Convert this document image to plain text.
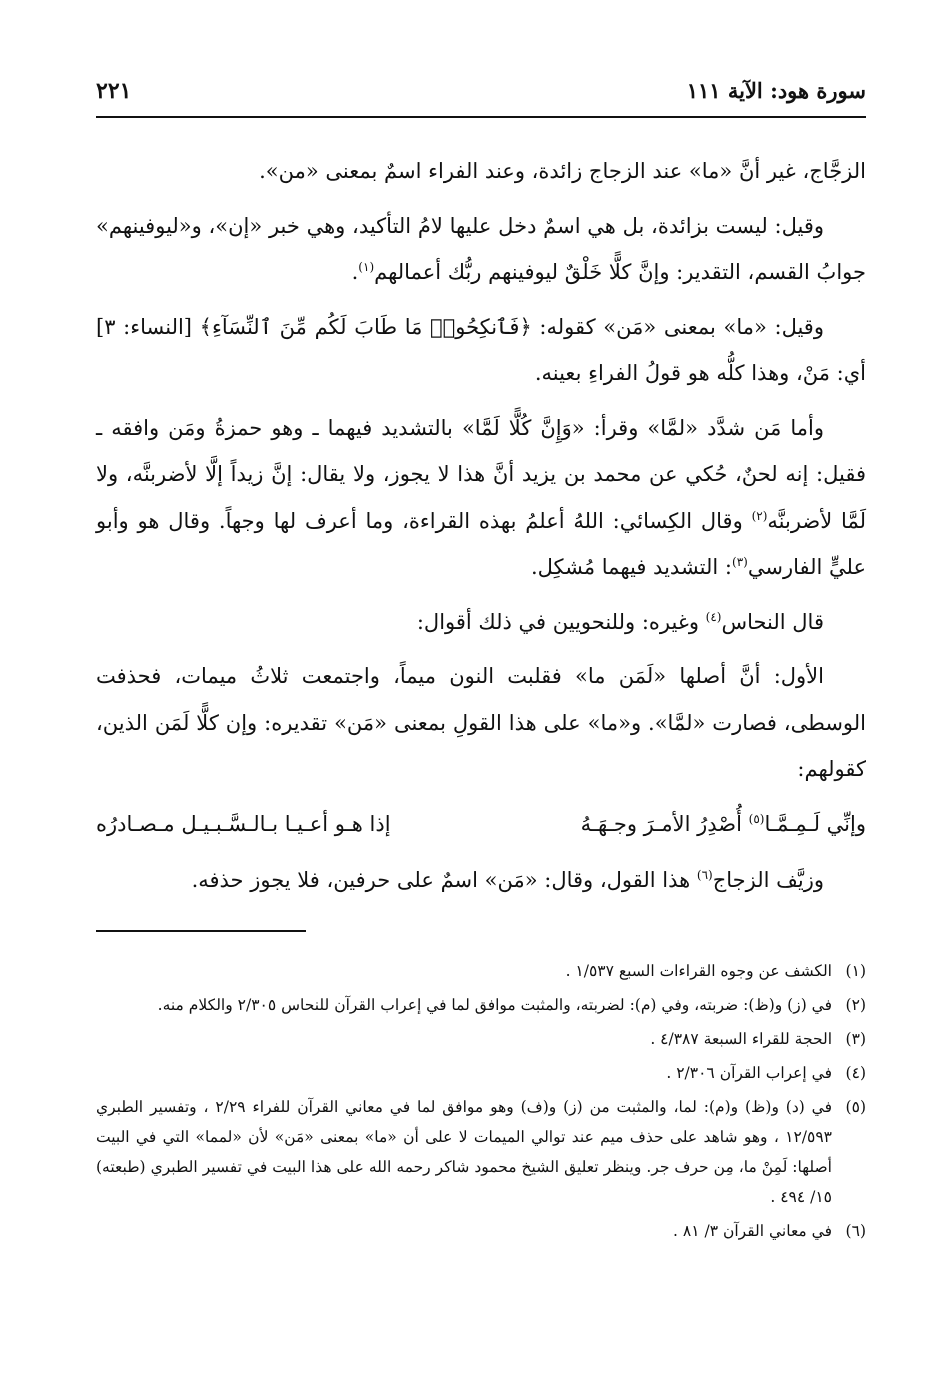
سورة هود: الآية ١١١
٢٢١

الزجَّاج، غير أنَّ «ما» عند الزجاج زائدة، وعند الفراء اسمٌ بمعنى «من».

وقيل: ليست بزائدة، بل هي اسمٌ دخل عليها لامُ التأكيد، وهي خبر «إن»، و«ليوفينهم» جوابُ القسم، التقدير: وإنَّ كلًّا خَلْقٌ ليوفينهم ربُّك أعمالهم$^{(١)}$.

وقيل: «ما» بمعنى «مَن» كقوله: ﴿فَٱنكِحُوا۟ مَا طَابَ لَكُم مِّنَ ٱلنِّسَآءِ﴾ [النساء: ٣] أي: مَنْ، وهذا كلُّه هو قولُ الفراءِ بعينه.

وأما مَن شدَّد «لمَّا» وقرأ: «وَإِنَّ كُلًّا لَمَّا» بالتشديد فيهما ـ وهو حمزةُ ومَن وافقه ـ فقيل: إنه لحنٌ، حُكي عن محمد بن يزيد أنَّ هذا لا يجوز، ولا يقال: إنَّ زيداً إلَّا لأضربنَّه، ولا لَمَّا لأضربنَّه$^{(٢)}$ وقال الكِسائي: اللهُ أعلمُ بهذه القراءة، وما أعرف لها وجهاً. وقال هو وأبو عليٍّ الفارسي$^{(٣)}$: التشديد فيهما مُشكِل.

قال النحاس$^{(٤)}$ وغيره: وللنحويين في ذلك أقوال:

الأول: أنَّ أصلها «لَمَن ما» فقلبت النون ميماً، واجتمعت ثلاثُ ميمات، فحذفت الوسطى، فصارت «لمَّا». و«ما» على هذا القولِ بمعنى «مَن» تقديره: وإن كلًّا لَمَن الذين، كقولهم:

وإنِّي لَـمِـمَّـا$^{(٥)}$ أُصْدِرُ الأمـرَ وجـهَـهُ
إذا هـو أعـيـا بـالـسَّـبـيـل مـصـادرُه

وزيَّف الزجاج$^{(٦)}$ هذا القول، وقال: «مَن» اسمٌ على حرفين، فلا يجوز حذفه.

(١)
الكشف عن وجوه القراءات السبع ١/٥٣٧ .
(٢)
في (ز) و(ظ): ضربته، وفي (م): لضربته، والمثبت موافق لما في إعراب القرآن للنحاس ٢/٣٠٥ والكلام منه.
(٣)
الحجة للقراء السبعة ٤/٣٨٧ .
(٤)
في إعراب القرآن ٢/٣٠٦ .
(٥)
في (د) و(ظ) و(م): لما، والمثبت من (ز) و(ف) وهو موافق لما في معاني القرآن للفراء ٢/٢٩ ، وتفسير الطبري ١٢/٥٩٣ ، وهو شاهد على حذف ميم عند توالي الميمات لا على أن «ما» بمعنى «مَن» لأن «لمما» التي في البيت أصلها: لَمِنْ ما، مِن حرف جر. وينظر تعليق الشيخ محمود شاكر رحمه الله على هذا البيت في تفسير الطبري (طبعته) ١٥/ ٤٩٤ .
(٦)
في معاني القرآن ٣/ ٨١ .
